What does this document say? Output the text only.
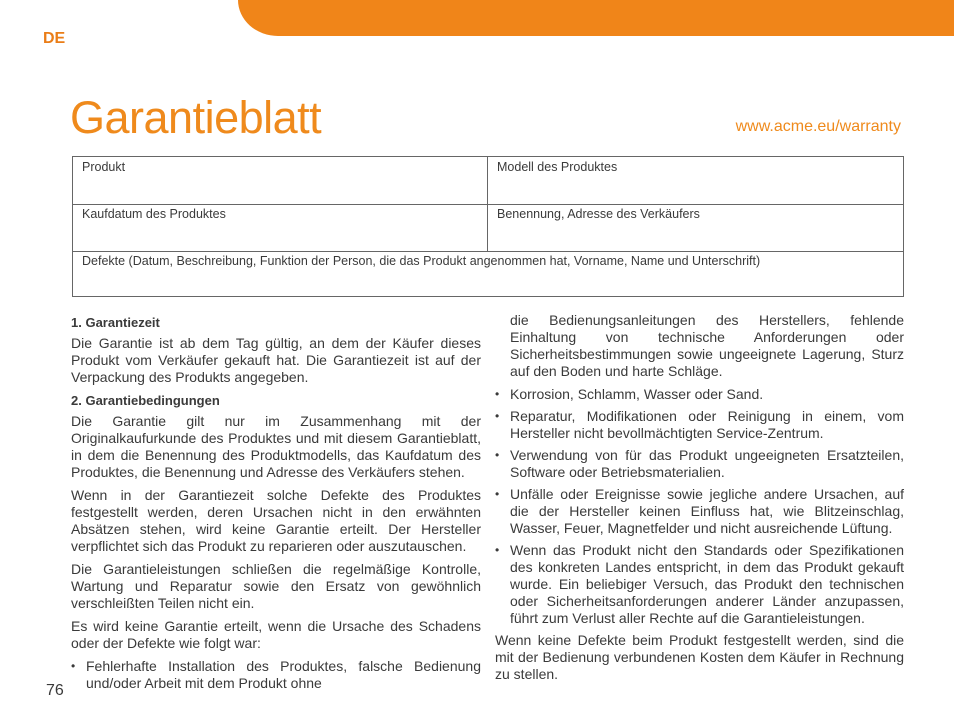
DE
Garantieblatt	www.acme.eu/warranty
Produkt	Modell des Produktes
Kaufdatum des Produktes	Benennung, Adresse des Verkäufers
Defekte (Datum, Beschreibung, Funktion der Person, die das Produkt angenommen hat, Vorname, Name und Unterschrift)
1. Garantiezeit

Die Garantie ist ab dem Tag gültig, an dem der Käufer dieses Produkt vom Verkäufer gekauft hat. Die Garantiezeit ist auf der Verpackung des Produkts angegeben.

2. Garantiebedingungen

Die Garantie gilt nur im Zusammenhang mit der Originalkaufurkunde des Produktes und mit diesem Garantieblatt, in dem die Benennung des Produktmodells, das Kaufdatum des Produktes, die Benennung und Adresse des Verkäufers stehen.

Wenn in der Garantiezeit solche Defekte des Produktes festgestellt werden, deren Ursachen nicht in den erwähnten Absätzen stehen, wird keine Garantie erteilt. Der Hersteller verpflichtet sich das Produkt zu reparieren oder auszutauschen.

Die Garantieleistungen schließen die regelmäßige Kontrolle, Wartung und Reparatur sowie den Ersatz von gewöhnlich verschleißten Teilen nicht ein.

Es wird keine Garantie erteilt, wenn die Ursache des Schadens oder der Defekte wie folgt war:

• Fehlerhafte Installation des Produktes, falsche Bedienung und/oder Arbeit mit dem Produkt ohne

die Bedienungsanleitungen des Herstellers, fehlende Einhaltung von technische Anforderungen oder Sicherheitsbestimmungen sowie ungeeignete Lagerung, Sturz auf den Boden und harte Schläge.

• Korrosion, Schlamm, Wasser oder Sand.
• Reparatur, Modifikationen oder Reinigung in einem, vom Hersteller nicht bevollmächtigten Service-Zentrum.
• Verwendung von für das Produkt ungeeigneten Ersatzteilen, Software oder Betriebsmaterialien.
• Unfälle oder Ereignisse sowie jegliche andere Ursachen, auf die der Hersteller keinen Einfluss hat, wie Blitzeinschlag, Wasser, Feuer, Magnetfelder und nicht ausreichende Lüftung.
• Wenn das Produkt nicht den Standards oder Spezifikationen des konkreten Landes entspricht, in dem das Produkt gekauft wurde. Ein beliebiger Versuch, das Produkt den technischen oder Sicherheitsanforderungen anderer Länder anzupassen, führt zum Verlust aller Rechte auf die Garantieleistungen.

Wenn keine Defekte beim Produkt festgestellt werden, sind die mit der Bedienung verbundenen Kosten dem Käufer in Rechnung zu stellen.

76
